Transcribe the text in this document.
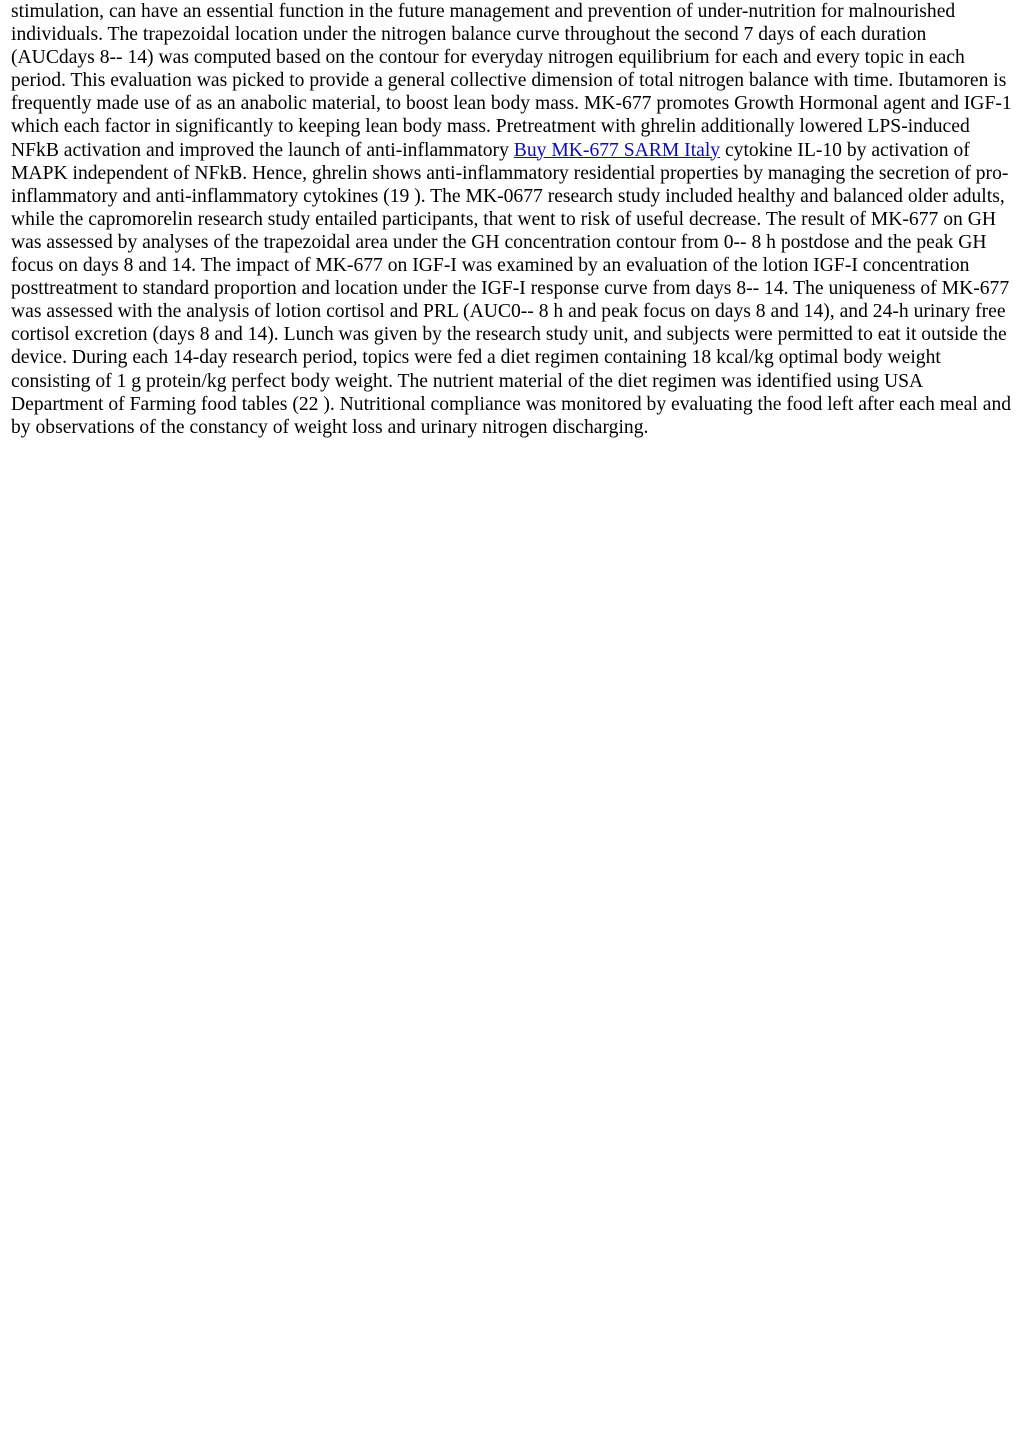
stimulation, can have an essential function in the future management and prevention of under-nutrition for malnourished individuals. The trapezoidal location under the nitrogen balance curve throughout the second 7 days of each duration (AUCdays 8-- 14) was computed based on the contour for everyday nitrogen equilibrium for each and every topic in each period. This evaluation was picked to provide a general collective dimension of total nitrogen balance with time. Ibutamoren is frequently made use of as an anabolic material, to boost lean body mass. MK-677 promotes Growth Hormonal agent and IGF-1 which each factor in significantly to keeping lean body mass. Pretreatment with ghrelin additionally lowered LPS-induced NFkB activation and improved the launch of anti-inflammatory Buy MK-677 SARM Italy cytokine IL-10 by activation of MAPK independent of NFkB. Hence, ghrelin shows anti-inflammatory residential properties by managing the secretion of pro-inflammatory and anti-inflammatory cytokines (19 ). The MK-0677 research study included healthy and balanced older adults, while the capromorelin research study entailed participants, that went to risk of useful decrease. The result of MK-677 on GH was assessed by analyses of the trapezoidal area under the GH concentration contour from 0-- 8 h postdose and the peak GH focus on days 8 and 14. The impact of MK-677 on IGF-I was examined by an evaluation of the lotion IGF-I concentration posttreatment to standard proportion and location under the IGF-I response curve from days 8-- 14. The uniqueness of MK-677 was assessed with the analysis of lotion cortisol and PRL (AUC0-- 8 h and peak focus on days 8 and 14), and 24-h urinary free cortisol excretion (days 8 and 14). Lunch was given by the research study unit, and subjects were permitted to eat it outside the device. During each 14-day research period, topics were fed a diet regimen containing 18 kcal/kg optimal body weight consisting of 1 g protein/kg perfect body weight. The nutrient material of the diet regimen was identified using USA Department of Farming food tables (22 ). Nutritional compliance was monitored by evaluating the food left after each meal and by observations of the constancy of weight loss and urinary nitrogen discharging.
